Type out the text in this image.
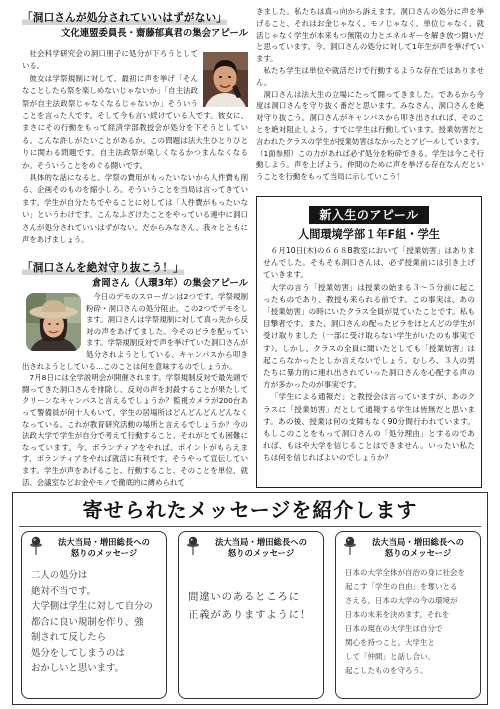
「洞口さんが処分されていいはずがない」
文化連盟委員長・齋藤郁真君の集会アピール

社会科学研究会の洞口朋子に処分が下ろうとしている。

彼女は学祭規制に対して、最初に声を挙げ「そんなことしたら祭を楽しめないじゃないか」「自主法政祭が自主法政祭じゃなくなるじゃないか」そういうことを言った人です。そして今も言い続けている人です。彼女に、まさにその行動をもって経済学部教授会が処分を下そうとしている。こんな許しがたいことがあるか。この問題は法大生ひとりひとりに関わる問題です。自主法政祭が楽しくなるかつまんなくなるか。そういうことをめぐる闘いです。

具体的な話になると、学祭の費用がもったいないから人件費も削る、企画そのものを縮小しろ。そういうことを当局は言ってきています。学生が自分たちでやることに対しては「人件費がもったいない」というわけです。こんなふざけたことをやっている連中に洞口さんが処分されていいはずがない。だからみなさん、我々とともに声をあげましょう。

「洞口さんを絶対守り抜こう！」
倉岡さん（人環3年）の集会アピール

今日のデモのスローガンは2つです。学祭規制粉砕・洞口さんの処分阻止。この2つでデモをします。洞口さんは学祭規制に対して真っ先から反対の声をあげてました。今そのビラを配っています。学祭規制反対で声を挙げていた洞口さんが処分されようとしている、キャンパスから叩き出されようとしている…このことは何を意味するのでしょうか。

7月8日には全学説明会が開催されます。学祭規制反対で最先頭で闘ってきた洞口さんを排除し、反対の声を封殺することが果たしてクリーンなキャンパスと言えるでしょうか？監視カメラが200台あって警備員が何十人もいて、学生の居場所はどんどんどんどんなくなっている。これが教育研究活動の場所と言えるでしょうか？今の法政大学で学生が自分で考えて行動すること、それがとても困難になっています。今、ボランティアをやれば、ポイントがもらえます、ボランティアをやれば就活に有利です。そうやって宣伝しています。学生が声をあげること、行動すること、そのことを単位、就活、会議室などお金やモノで徹底的に縛められて

きました。私たちは真っ向から訴えます。洞口さんの処分に声を挙げること、それはお金じゃなく、モノじゃなく、単位じゃなく、就活じゃなく学生が本来もつ無限の力とエネルギーを解き放つ闘いだと思っています。今、洞口さんの処分に対して1年生が声を挙げています。

私たち学生は単位や就活だけで行動するような存在ではありません。

洞口さんは法大生の立場にたって闘ってきました。であるから今度は洞口さんを守り抜く番だと思います。みなさん、洞口さんを絶対守り抜こう。洞口さんがキャンパスから叩き出されれば、そのことを絶対阻止しよう。すでに学生は行動しています。授業妨害だと言われたクラスの学生が授業妨害はなかったとアピールしています。（1面参照）この力があれば必ず処分を粉砕できる。学生は今こそ行動しよう。声を上げよう。仲間のために声を挙げる存在なんだということを行動をもって当局に示していこう！

新入生のアピール
人間環境学部１年F組・学生

６月10日(木)の６６８B教室において「授業妨害」はありませんでした。そもそも洞口さんは、必ず授業前には引き上げていきます。

大学の言う「授業妨害」は授業の始まる３～５分前に起こったものであり、教授も来られる前です。この事実は、あの「授業妨害」の時にいたクラス全員が見ていたことです。私も目撃者です。また、洞口さんの配ったビラをほとんどの学生が受け取りました（一部に受け取らない学生がいたのも事実です）。しかし、クラスの全員に聞いたとしても「授業妨害」は起こらなかったとしか言えないでしょう。むしろ、３人の男たちに暴力的に連れ出されていった洞口さんを心配する声の方が多かったのが事実です。

「学生による通報だ」と教授会は言っていますが、あのクラスに「授業妨害」だとして通報する学生は皆無だと思います。あの後、授業は何の支障もなく90分間行われています。もしこのことをもって洞口さんの「処分理由」とするのであれば、もはや大学を信じることはできません。いったい私たちは何を信じればよいのでしょうか？

寄せられたメッセージを紹介します
法大当局・増田総長への
怒りのメッセージ
二人の処分は
絶対不当です。
大学側は学生に対して自分の
都合に良い規制を作り、強
制されて反したら
処分をしてしまうのは
おかしいと思います。
法大当局・増田総長への
怒りのメッセージ
間違いのあるところに
正義がありますように！
法大当局・増田総長への
怒りのメッセージ
日本の大学全体が自治の身に社会を
起こす「学生の自由」を奪いとる
さえる。日本の大学の今の環境が
日本の未来を決めます。それを
日本の現在の大学生は自分で
関心を持つこと。大学生と
して「仲間」と話し合い、
起こしたものを守ろう。
